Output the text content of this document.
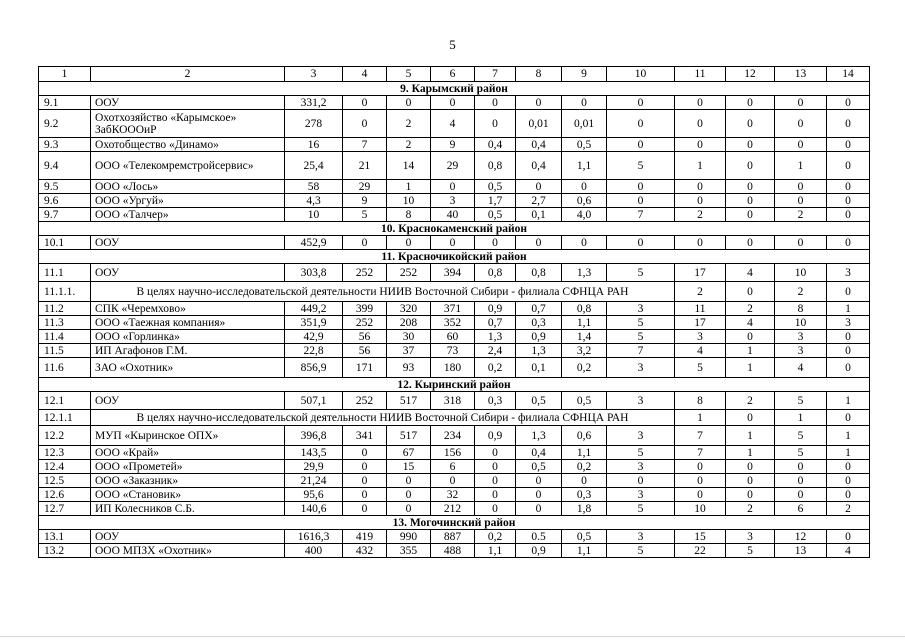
5
1	2	3	4	5	6	7	8	9	10	11	12	13	14
9. Карымский район													
9.1	ООУ	331,2	0	0	0	0	0	0	0	0	0	0	0
9.2	Охотхозяйство «Карымское» ЗабКОООиР	278	0	2	4	0	0,01	0,01	0	0	0	0	0
9.3	Охотобщество «Динамо»	16	7	2	9	0,4	0,4	0,5	0	0	0	0	0
9.4	ООО «Телекомремстройсервис»	25,4	21	14	29	0,8	0,4	1,1	5	1	0	1	0
9.5	ООО «Лось»	58	29	1	0	0,5	0	0	0	0	0	0	0
9.6	ООО «Ургуй»	4,3	9	10	3	1,7	2,7	0,6	0	0	0	0	0
9.7	ООО «Талчер»	10	5	8	40	0,5	0,1	4,0	7	2	0	2	0
10. Краснокаменский район													
10.1	ООУ	452,9	0	0	0	0	0	0	0	0	0	0	0
11. Красночикойский район													
11.1	ООУ	303,8	252	252	394	0,8	0,8	1,3	5	17	4	10	3
11.1.1.	В целях научно-исследовательской деятельности НИИВ Восточной Сибири - филиала СФНЦА РАН									2	0	2	0
11.2	СПК «Черемхово»	449,2	399	320	371	0,9	0,7	0,8	3	11	2	8	1
11.3	ООО «Таежная компания»	351,9	252	208	352	0,7	0,3	1,1	5	17	4	10	3
11.4	ООО «Горлинка»	42,9	56	30	60	1,3	0,9	1,4	5	3	0	3	0
11.5	ИП Агафонов Г.М.	22,8	56	37	73	2,4	1,3	3,2	7	4	1	3	0
11.6	ЗАО «Охотник»	856,9	171	93	180	0,2	0,1	0,2	3	5	1	4	0
12. Кыринский район													
12.1	ООУ	507,1	252	517	318	0,3	0,5	0,5	3	8	2	5	1
12.1.1	В целях научно-исследовательской деятельности НИИВ Восточной Сибири - филиала СФНЦА РАН									1	0	1	0
12.2	МУП «Кыринское ОПХ»	396,8	341	517	234	0,9	1,3	0,6	3	7	1	5	1
12.3	ООО «Край»	143,5	0	67	156	0	0,4	1,1	5	7	1	5	1
12.4	ООО «Прометей»	29,9	0	15	6	0	0,5	0,2	3	0	0	0	0
12.5	ООО «Заказник»	21,24	0	0	0	0	0	0	0	0	0	0	0
12.6	ООО «Становик»	95,6	0	0	32	0	0	0,3	3	0	0	0	0
12.7	ИП Колесников С.Б.	140,6	0	0	212	0	0	1,8	5	10	2	6	2
13. Могочинский район													
13.1	ООУ	1616,3	419	990	887	0,2	0.5	0,5	3	15	3	12	0
13.2	ООО МПЗХ «Охотник»	400	432	355	488	1,1	0,9	1,1	5	22	5	13	4
